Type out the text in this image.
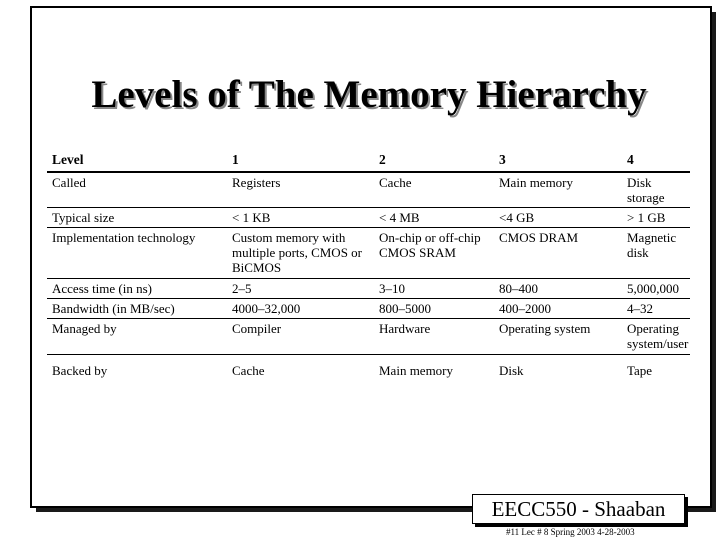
Levels of The Memory Hierarchy
Level	1	2	3	4
Called	Registers	Cache	Main memory	Disk storage
Typical size	< 1 KB	< 4 MB	<4 GB	> 1 GB
Implementation technology	Custom memory with multiple ports, CMOS or BiCMOS	On-chip or off-chip CMOS SRAM	CMOS DRAM	Magnetic disk
Access time (in ns)	2–5	3–10	80–400	5,000,000
Bandwidth (in MB/sec)	4000–32,000	800–5000	400–2000	4–32
Managed by	Compiler	Hardware	Operating system	Operating system/user
Backed by	Cache	Main memory	Disk	Tape
EECC550 - Shaaban
#11 Lec # 8 Spring 2003 4-28-2003
